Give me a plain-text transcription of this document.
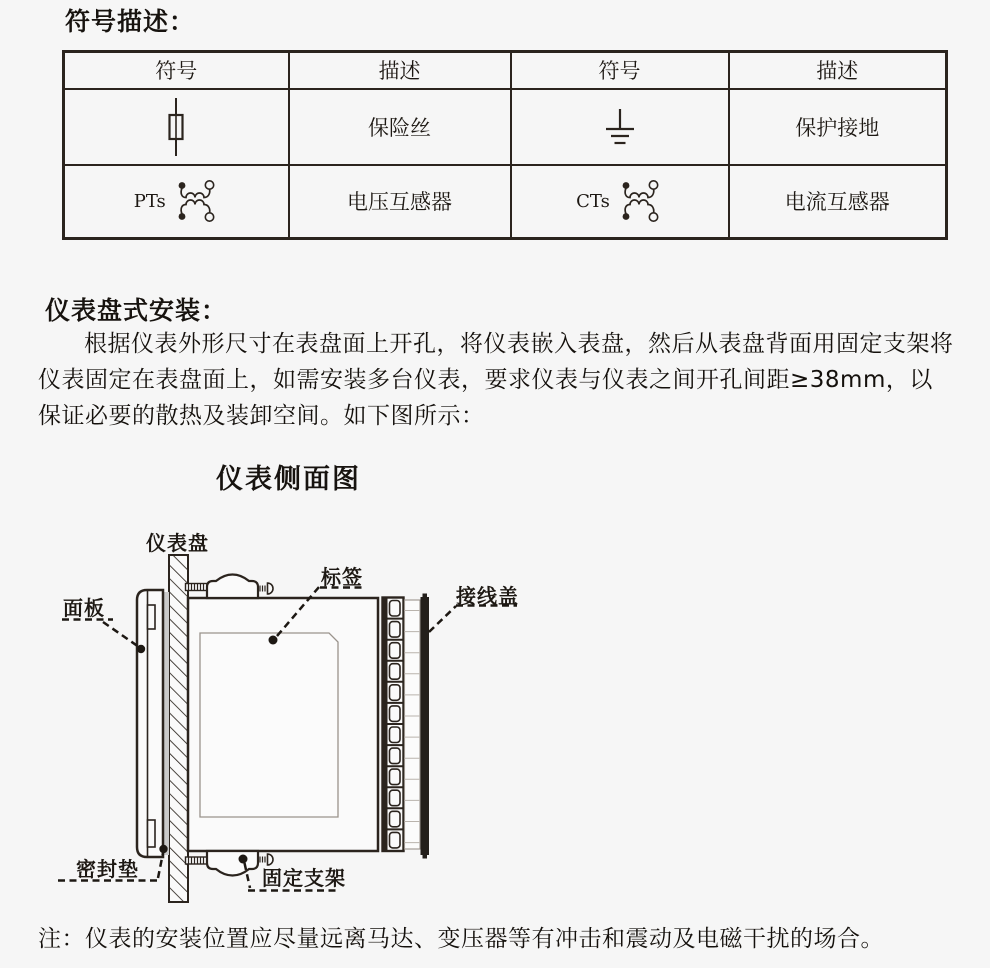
符号描述：
符号	描述	符号	描述

	保险丝		保护接地

PTs	电压互感器	CTs	电流互感器
仪表盘式安装：

根据仪表外形尺寸在表盘面上开孔，将仪表嵌入表盘，然后从表盘背面用固定支架将仪表固定在表盘面上，如需安装多台仪表，要求仪表与仪表之间开孔间距≥38mm，以保证必要的散热及装卸空间。如下图所示：

仪表侧面图
仪表盘
标签
接线盖
面板
密封垫	固定支架

注：仪表的安装位置应尽量远离马达、变压器等有冲击和震动及电磁干扰的场合。
